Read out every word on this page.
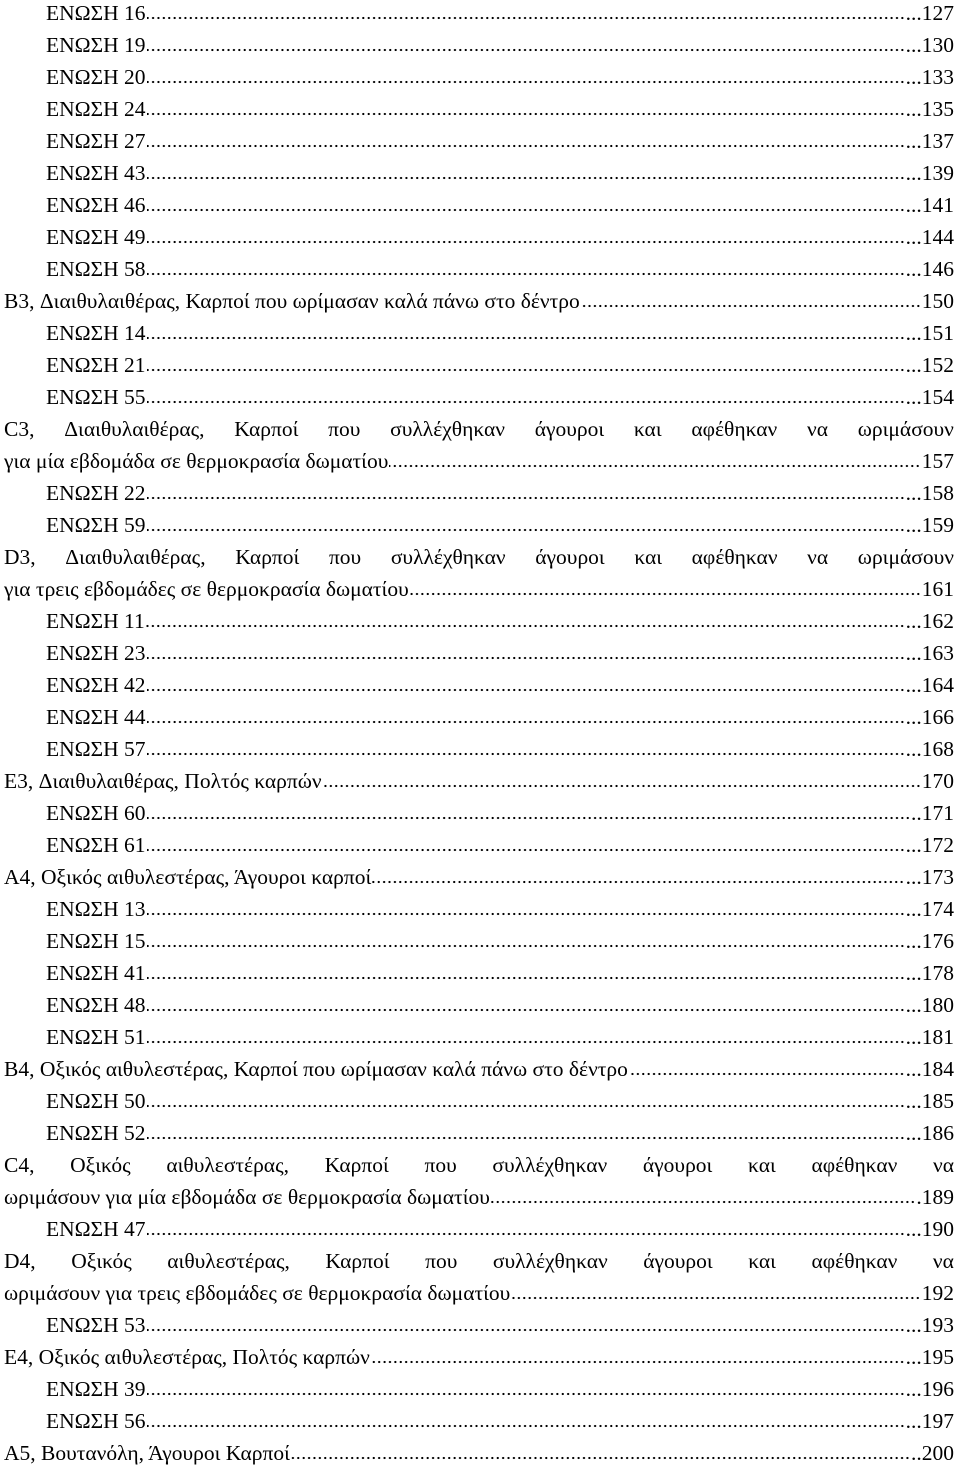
ΕΝΩΣΗ 16	...127
ΕΝΩΣΗ 19	...130
ΕΝΩΣΗ 20	...133
ΕΝΩΣΗ 24	...135
ΕΝΩΣΗ 27	...137
ΕΝΩΣΗ 43	...139
ΕΝΩΣΗ 46	...141
ΕΝΩΣΗ 49	...144
ΕΝΩΣΗ 58	...146
B3, Διαιθυλαιθέρας, Καρποί που ωρίμασαν καλά πάνω στο δέντρο	150
ΕΝΩΣΗ 14	...151
ΕΝΩΣΗ 21	...152
ΕΝΩΣΗ 55	...154
C3, Διαιθυλαιθέρας, Καρποί που συλλέχθηκαν άγουροι και αφέθηκαν να ωριμάσουν
για μία εβδομάδα σε θερμοκρασία δωματίου	157
ΕΝΩΣΗ 22	...158
ΕΝΩΣΗ 59	...159
D3, Διαιθυλαιθέρας, Καρποί που συλλέχθηκαν άγουροι και αφέθηκαν να ωριμάσουν
για τρεις εβδομάδες σε θερμοκρασία δωματίου	161
ΕΝΩΣΗ 11	...162
ΕΝΩΣΗ 23	...163
ΕΝΩΣΗ 42	...164
ΕΝΩΣΗ 44	...166
ΕΝΩΣΗ 57	...168
E3, Διαιθυλαιθέρας, Πολτός καρπών	170
ΕΝΩΣΗ 60	..171
ΕΝΩΣΗ 61	...172
A4, Οξικός αιθυλεστέρας, Άγουροι καρποί	...173
ΕΝΩΣΗ 13	...174
ΕΝΩΣΗ 15	...176
ΕΝΩΣΗ 41	...178
ΕΝΩΣΗ 48	...180
ΕΝΩΣΗ 51	...181
B4, Οξικός αιθυλεστέρας, Καρποί που ωρίμασαν καλά πάνω στο δέντρο	...184
ΕΝΩΣΗ 50	...185
ΕΝΩΣΗ 52	...186
C4, Οξικός αιθυλεστέρας, Καρποί που συλλέχθηκαν άγουροι και αφέθηκαν να
ωριμάσουν για μία εβδομάδα σε θερμοκρασία δωματίου	.189
ΕΝΩΣΗ 47	...190
D4, Οξικός αιθυλεστέρας, Καρποί που συλλέχθηκαν άγουροι και αφέθηκαν να
ωριμάσουν για τρεις εβδομάδες σε θερμοκρασία δωματίου	192
ΕΝΩΣΗ 53	...193
E4, Οξικός αιθυλεστέρας, Πολτός καρπών	...195
ΕΝΩΣΗ 39	...196
ΕΝΩΣΗ 56	...197
A5, Βουτανόλη, Άγουροι Καρποί	..200
